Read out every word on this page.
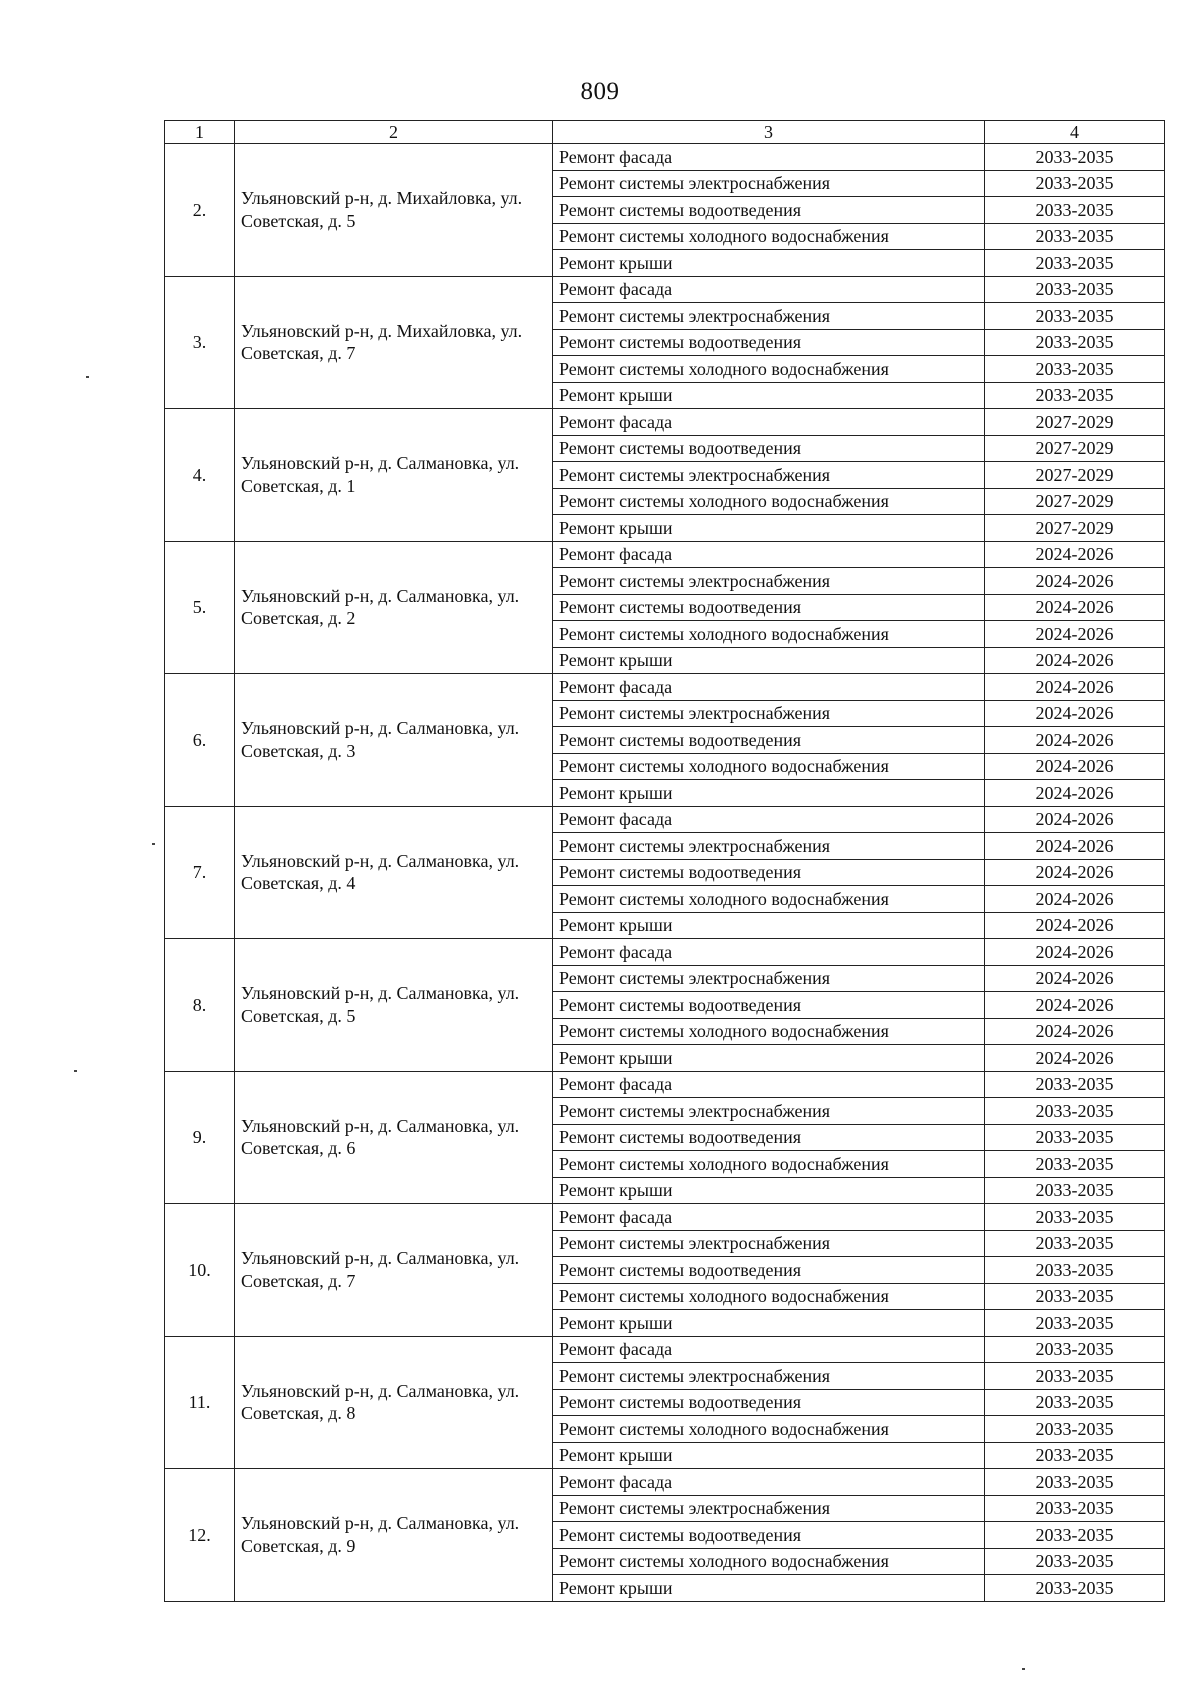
809
1	2	3	4
2.	Ульяновский р-н, д. Михайловка, ул. Советская, д. 5	Ремонт фасада	2033-2035
		Ремонт системы электроснабжения	2033-2035
		Ремонт системы водоотведения	2033-2035
		Ремонт системы холодного водоснабжения	2033-2035
		Ремонт крыши	2033-2035
3.	Ульяновский р-н, д. Михайловка, ул. Советская, д. 7	Ремонт фасада	2033-2035
		Ремонт системы электроснабжения	2033-2035
		Ремонт системы водоотведения	2033-2035
		Ремонт системы холодного водоснабжения	2033-2035
		Ремонт крыши	2033-2035
4.	Ульяновский р-н, д. Салмановка, ул. Советская, д. 1	Ремонт фасада	2027-2029
		Ремонт системы водоотведения	2027-2029
		Ремонт системы электроснабжения	2027-2029
		Ремонт системы холодного водоснабжения	2027-2029
		Ремонт крыши	2027-2029
5.	Ульяновский р-н, д. Салмановка, ул. Советская, д. 2	Ремонт фасада	2024-2026
		Ремонт системы электроснабжения	2024-2026
		Ремонт системы водоотведения	2024-2026
		Ремонт системы холодного водоснабжения	2024-2026
		Ремонт крыши	2024-2026
6.	Ульяновский р-н, д. Салмановка, ул. Советская, д. 3	Ремонт фасада	2024-2026
		Ремонт системы электроснабжения	2024-2026
		Ремонт системы водоотведения	2024-2026
		Ремонт системы холодного водоснабжения	2024-2026
		Ремонт крыши	2024-2026
7.	Ульяновский р-н, д. Салмановка, ул. Советская, д. 4	Ремонт фасада	2024-2026
		Ремонт системы электроснабжения	2024-2026
		Ремонт системы водоотведения	2024-2026
		Ремонт системы холодного водоснабжения	2024-2026
		Ремонт крыши	2024-2026
8.	Ульяновский р-н, д. Салмановка, ул. Советская, д. 5	Ремонт фасада	2024-2026
		Ремонт системы электроснабжения	2024-2026
		Ремонт системы водоотведения	2024-2026
		Ремонт системы холодного водоснабжения	2024-2026
		Ремонт крыши	2024-2026
9.	Ульяновский р-н, д. Салмановка, ул. Советская, д. 6	Ремонт фасада	2033-2035
		Ремонт системы электроснабжения	2033-2035
		Ремонт системы водоотведения	2033-2035
		Ремонт системы холодного водоснабжения	2033-2035
		Ремонт крыши	2033-2035
10.	Ульяновский р-н, д. Салмановка, ул. Советская, д. 7	Ремонт фасада	2033-2035
		Ремонт системы электроснабжения	2033-2035
		Ремонт системы водоотведения	2033-2035
		Ремонт системы холодного водоснабжения	2033-2035
		Ремонт крыши	2033-2035
11.	Ульяновский р-н, д. Салмановка, ул. Советская, д. 8	Ремонт фасада	2033-2035
		Ремонт системы электроснабжения	2033-2035
		Ремонт системы водоотведения	2033-2035
		Ремонт системы холодного водоснабжения	2033-2035
		Ремонт крыши	2033-2035
12.	Ульяновский р-н, д. Салмановка, ул. Советская, д. 9	Ремонт фасада	2033-2035
		Ремонт системы электроснабжения	2033-2035
		Ремонт системы водоотведения	2033-2035
		Ремонт системы холодного водоснабжения	2033-2035
		Ремонт крыши	2033-2035
